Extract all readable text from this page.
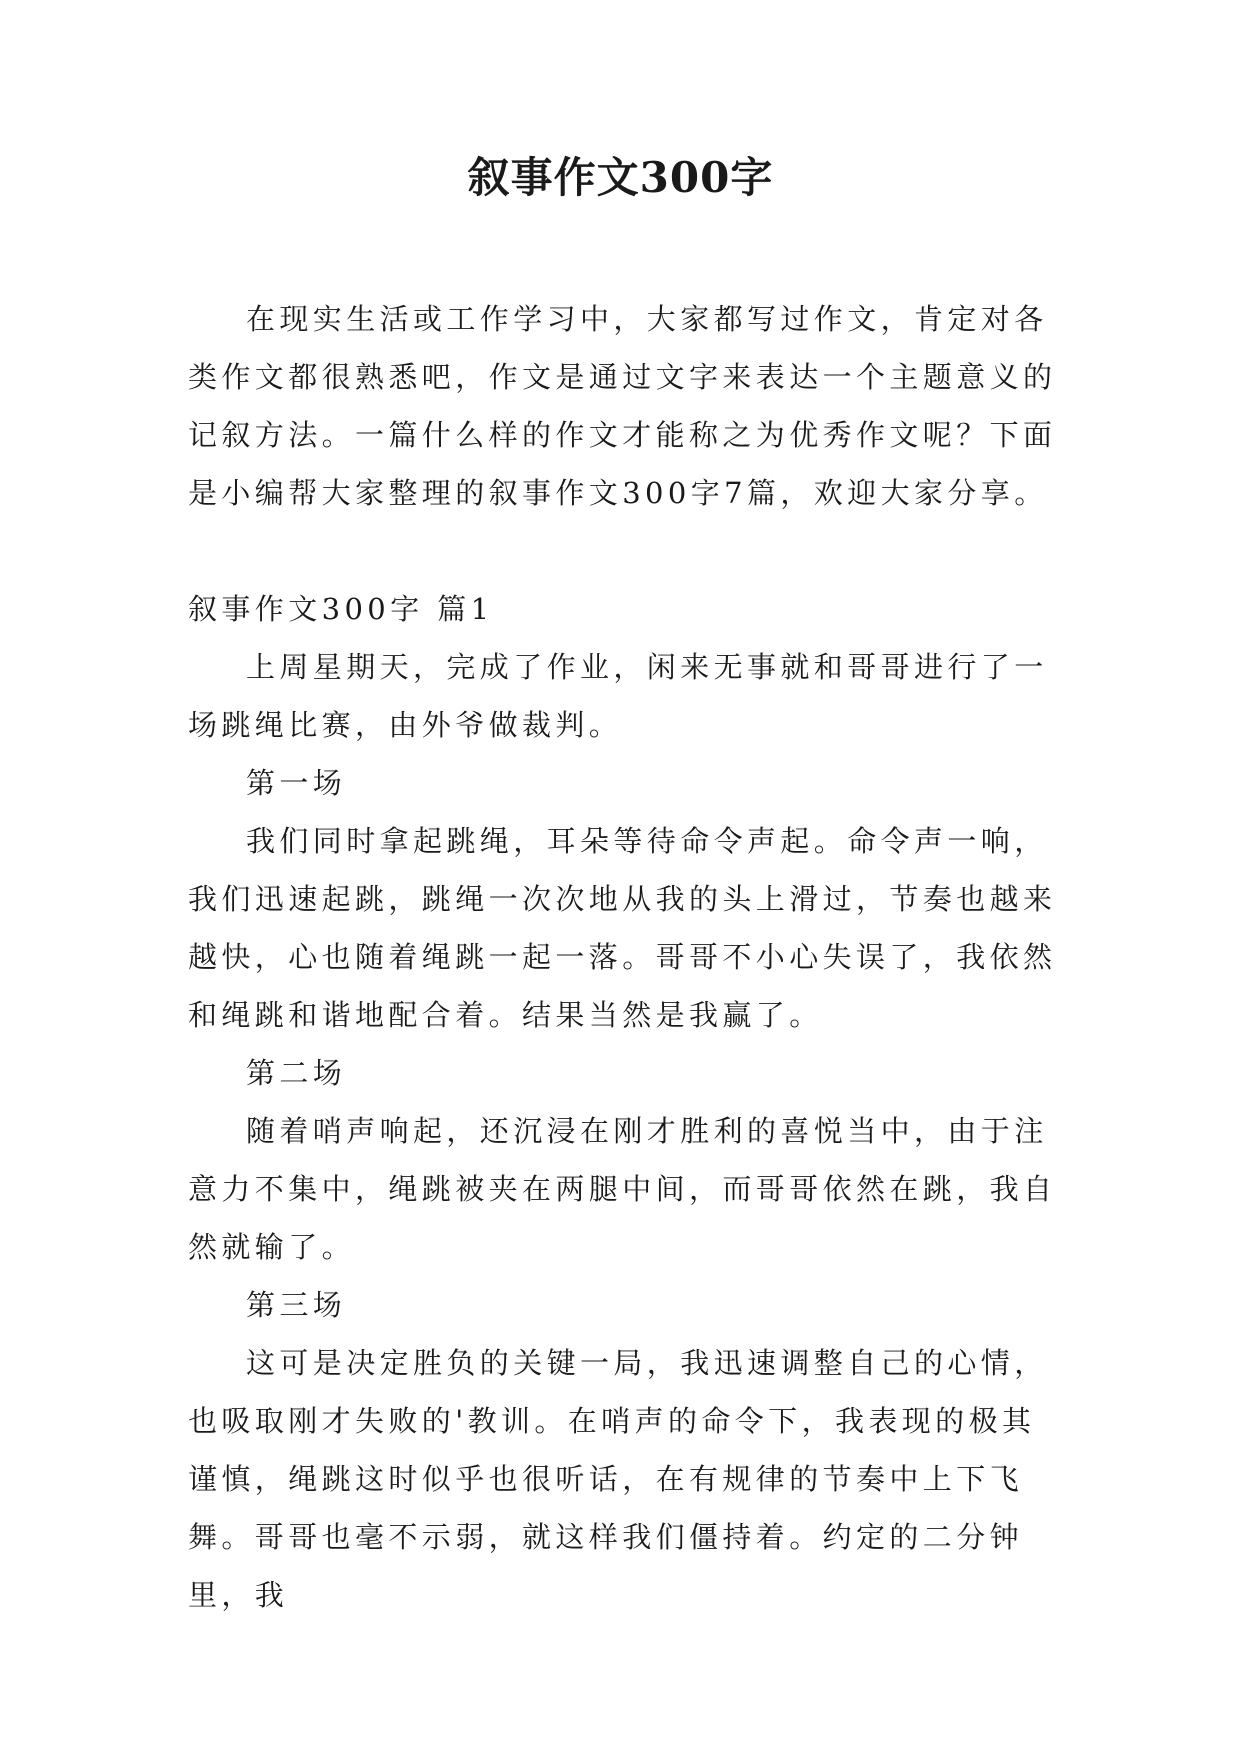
叙事作文300字

在现实生活或工作学习中，大家都写过作文，肯定对各类作文都很熟悉吧，作文是通过文字来表达一个主题意义的记叙方法。一篇什么样的作文才能称之为优秀作文呢？下面是小编帮大家整理的叙事作文300字7篇，欢迎大家分享。

叙事作文300字 篇1

上周星期天，完成了作业，闲来无事就和哥哥进行了一场跳绳比赛，由外爷做裁判。

第一场

我们同时拿起跳绳，耳朵等待命令声起。命令声一响，我们迅速起跳，跳绳一次次地从我的头上滑过，节奏也越来越快，心也随着绳跳一起一落。哥哥不小心失误了，我依然和绳跳和谐地配合着。结果当然是我赢了。

第二场

随着哨声响起，还沉浸在刚才胜利的喜悦当中，由于注意力不集中，绳跳被夹在两腿中间，而哥哥依然在跳，我自然就输了。

第三场

这可是决定胜负的关键一局，我迅速调整自己的心情，也吸取刚才失败的'教训。在哨声的命令下，我表现的极其谨慎，绳跳这时似乎也很听话，在有规律的节奏中上下飞舞。哥哥也毫不示弱，就这样我们僵持着。约定的二分钟里，我
